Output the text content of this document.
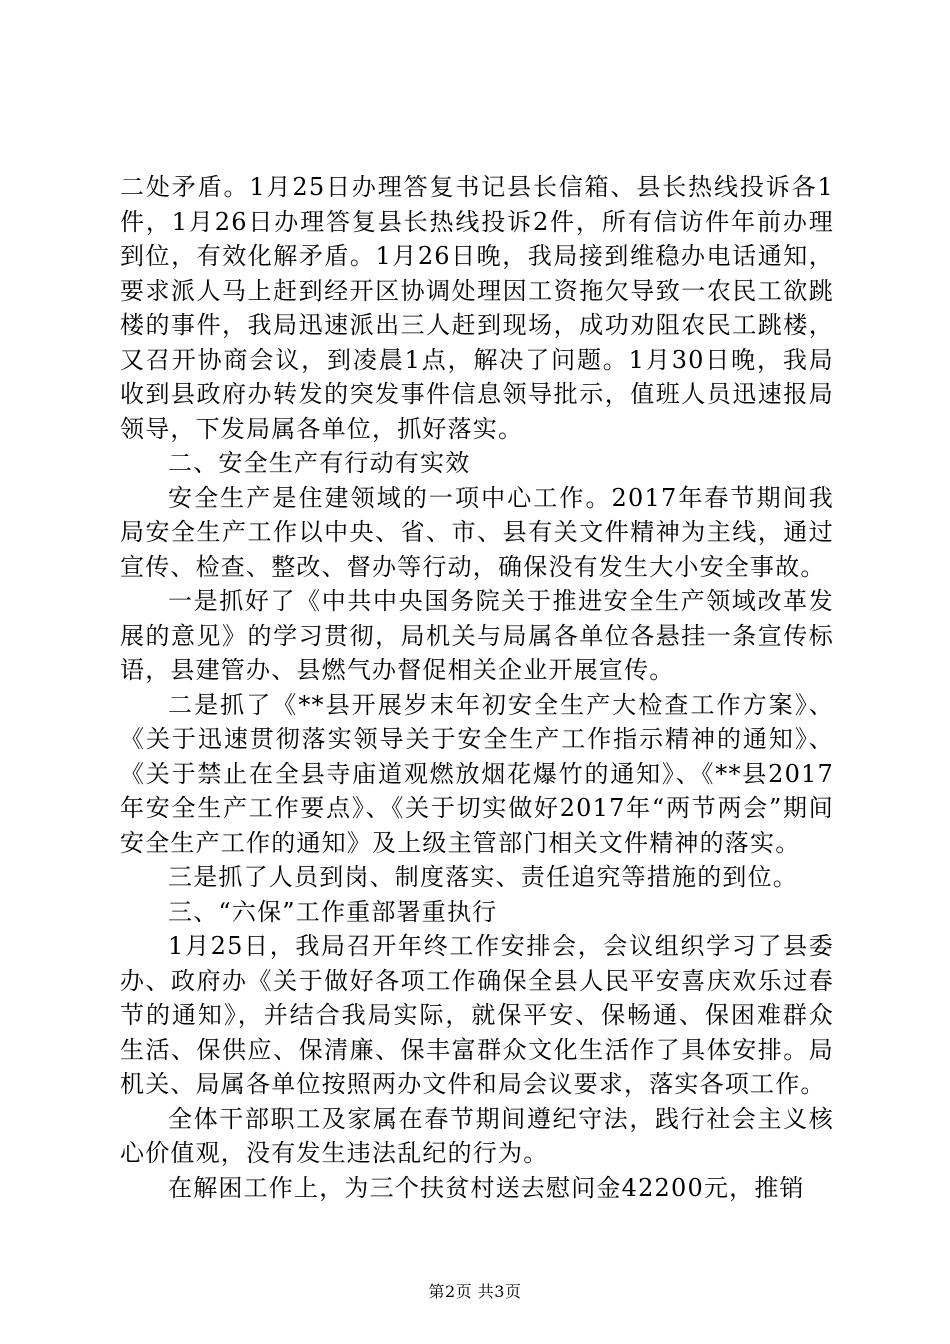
二处矛盾。1月25日办理答复书记县长信箱、县长热线投诉各1件，1月26日办理答复县长热线投诉2件，所有信访件年前办理到位，有效化解矛盾。1月26日晚，我局接到维稳办电话通知，要求派人马上赶到经开区协调处理因工资拖欠导致一农民工欲跳楼的事件，我局迅速派出三人赶到现场，成功劝阻农民工跳楼，又召开协商会议，到凌晨1点，解决了问题。1月30日晚，我局收到县政府办转发的突发事件信息领导批示，值班人员迅速报局领导，下发局属各单位，抓好落实。

二、安全生产有行动有实效

安全生产是住建领域的一项中心工作。2017年春节期间我局安全生产工作以中央、省、市、县有关文件精神为主线，通过宣传、检查、整改、督办等行动，确保没有发生大小安全事故。

一是抓好了《中共中央国务院关于推进安全生产领域改革发展的意见》的学习贯彻，局机关与局属各单位各悬挂一条宣传标语，县建管办、县燃气办督促相关企业开展宣传。

二是抓了《**县开展岁末年初安全生产大检查工作方案》、《关于迅速贯彻落实领导关于安全生产工作指示精神的通知》、《关于禁止在全县寺庙道观燃放烟花爆竹的通知》、《**县2017年安全生产工作要点》、《关于切实做好2017年“两节两会”期间安全生产工作的通知》及上级主管部门相关文件精神的落实。

三是抓了人员到岗、制度落实、责任追究等措施的到位。

三、“六保”工作重部署重执行

1月25日，我局召开年终工作安排会，会议组织学习了县委办、政府办《关于做好各项工作确保全县人民平安喜庆欢乐过春节的通知》，并结合我局实际，就保平安、保畅通、保困难群众生活、保供应、保清廉、保丰富群众文化生活作了具体安排。局机关、局属各单位按照两办文件和局会议要求，落实各项工作。

全体干部职工及家属在春节期间遵纪守法，践行社会主义核心价值观，没有发生违法乱纪的行为。

在解困工作上，为三个扶贫村送去慰问金42200元，推销

第2页 共3页
